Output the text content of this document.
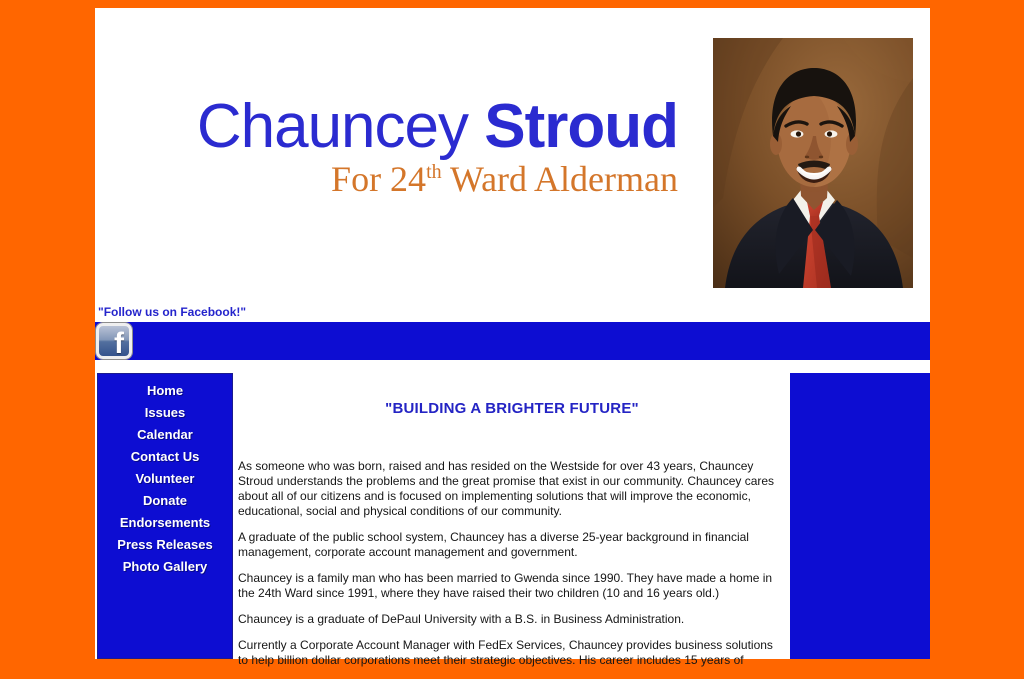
Chauncey Stroud
For 24th Ward Alderman
"Follow us on Facebook!"
f
Home
Issues
Calendar
Contact Us
Volunteer
Donate
Endorsements
Press Releases
Photo Gallery
"BUILDING A BRIGHTER FUTURE"
As someone who was born, raised and has resided on the Westside for over 43 years, Chauncey Stroud understands the problems and the great promise that exist in our community. Chauncey cares about all of our citizens and is focused on implementing solutions that will improve the economic, educational, social and physical conditions of our community.
A graduate of the public school system, Chauncey has a diverse 25-year background in financial management, corporate account management and government.
Chauncey is a family man who has been married to Gwenda since 1990. They have made a home in the 24th Ward since 1991, where they have raised their two children (10 and 16 years old.)
Chauncey is a graduate of DePaul University with a B.S. in Business Administration.
Currently a Corporate Account Manager with FedEx Services, Chauncey provides business solutions to help billion dollar corporations meet their strategic objectives. His career includes 15 years of
